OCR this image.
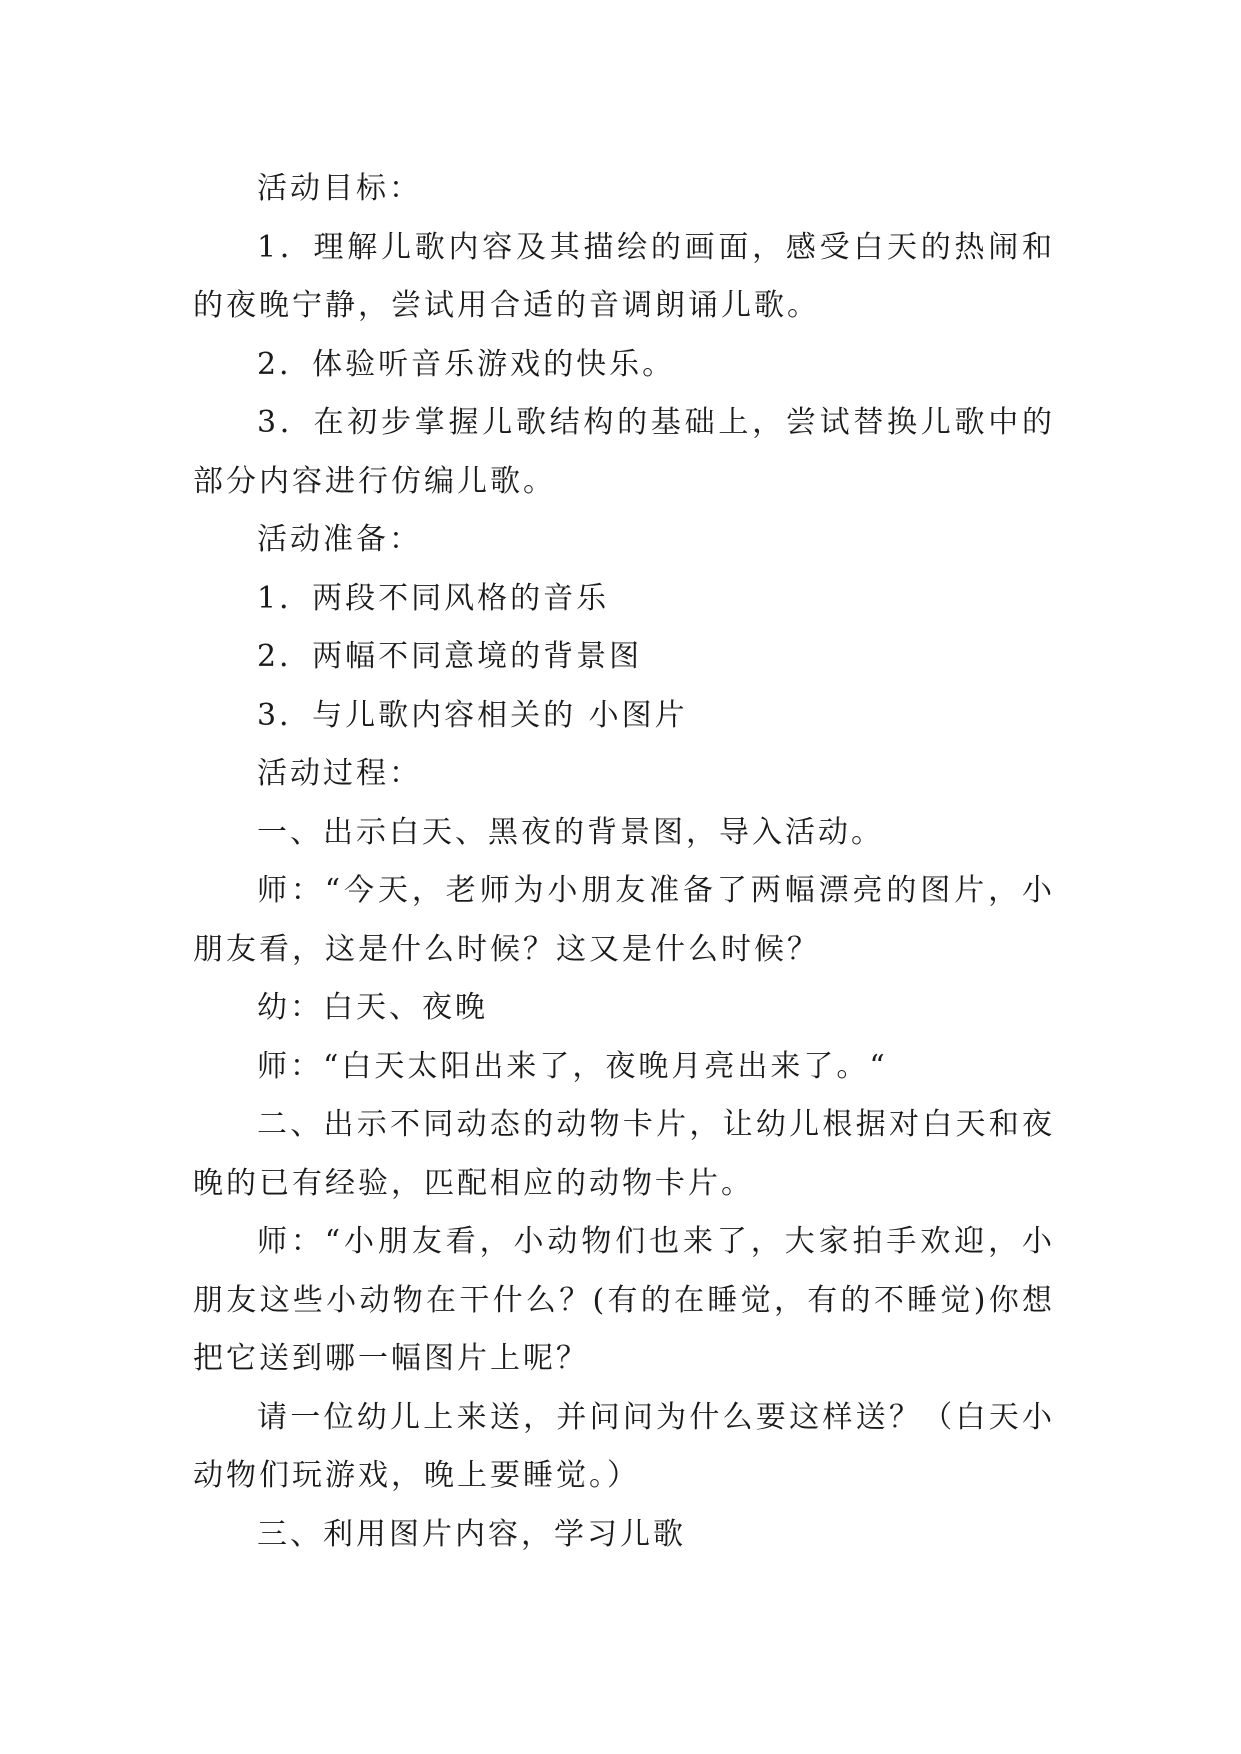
活动目标：

1．理解儿歌内容及其描绘的画面，感受白天的热闹和的夜晚宁静，尝试用合适的音调朗诵儿歌。

2．体验听音乐游戏的快乐。

3．在初步掌握儿歌结构的基础上，尝试替换儿歌中的部分内容进行仿编儿歌。

活动准备：

1．两段不同风格的音乐

2．两幅不同意境的背景图

3．与儿歌内容相关的 小图片

活动过程：

一、出示白天、黑夜的背景图，导入活动。

师：“今天，老师为小朋友准备了两幅漂亮的图片，小朋友看，这是什么时候？这又是什么时候？

幼：白天、夜晚

师：“白天太阳出来了，夜晚月亮出来了。“

二、出示不同动态的动物卡片，让幼儿根据对白天和夜晚的已有经验，匹配相应的动物卡片。

师：“小朋友看，小动物们也来了，大家拍手欢迎，小朋友这些小动物在干什么？(有的在睡觉，有的不睡觉)你想把它送到哪一幅图片上呢？

请一位幼儿上来送，并问问为什么要这样送？（白天小动物们玩游戏，晚上要睡觉。）

三、利用图片内容，学习儿歌
